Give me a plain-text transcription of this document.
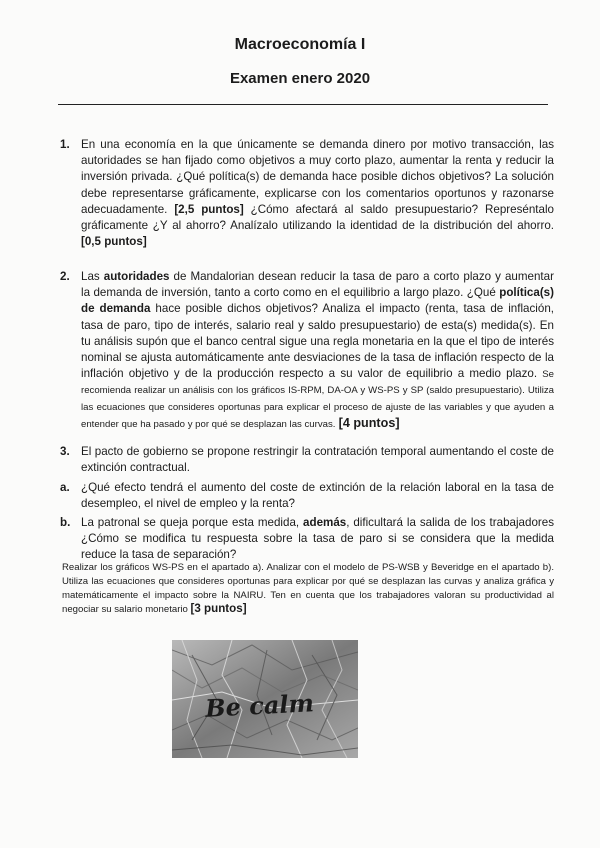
Macroeconomía I
Examen enero 2020
1. En una economía en la que únicamente se demanda dinero por motivo transacción, las autoridades se han fijado como objetivos a muy corto plazo, aumentar la renta y reducir la inversión privada. ¿Qué política(s) de demanda hace posible dichos objetivos? La solución debe representarse gráficamente, explicarse con los comentarios oportunos y razonarse adecuadamente. [2,5 puntos] ¿Cómo afectará al saldo presupuestario? Represéntalo gráficamente ¿Y al ahorro? Analízalo utilizando la identidad de la distribución del ahorro. [0,5 puntos]
2. Las autoridades de Mandalorian desean reducir la tasa de paro a corto plazo y aumentar la demanda de inversión, tanto a corto como en el equilibrio a largo plazo. ¿Qué política(s) de demanda hace posible dichos objetivos? Analiza el impacto (renta, tasa de inflación, tasa de paro, tipo de interés, salario real y saldo presupuestario) de esta(s) medida(s). En tu análisis supón que el banco central sigue una regla monetaria en la que el tipo de interés nominal se ajusta automáticamente ante desviaciones de la tasa de inflación respecto de la inflación objetivo y de la producción respecto a su valor de equilibrio a medio plazo. Se recomienda realizar un análisis con los gráficos IS-RPM, DA-OA y WS-PS y SP (saldo presupuestario). Utiliza las ecuaciones que consideres oportunas para explicar el proceso de ajuste de las variables y que ayuden a entender que ha pasado y por qué se desplazan las curvas. [4 puntos]
3. El pacto de gobierno se propone restringir la contratación temporal aumentando el coste de extinción contractual.
a. ¿Qué efecto tendrá el aumento del coste de extinción de la relación laboral en la tasa de desempleo, el nivel de empleo y la renta?
b. La patronal se queja porque esta medida, además, dificultará la salida de los trabajadores ¿Cómo se modifica tu respuesta sobre la tasa de paro si se considera que la medida reduce la tasa de separación?
Realizar los gráficos WS-PS en el apartado a). Analizar con el modelo de PS-WSB y Beveridge en el apartado b). Utiliza las ecuaciones que consideres oportunas para explicar por qué se desplazan las curvas y analiza gráfica y matemáticamente el impacto sobre la NAIRU. Ten en cuenta que los trabajadores valoran su productividad al negociar su salario monetario [3 puntos]
Be calm
